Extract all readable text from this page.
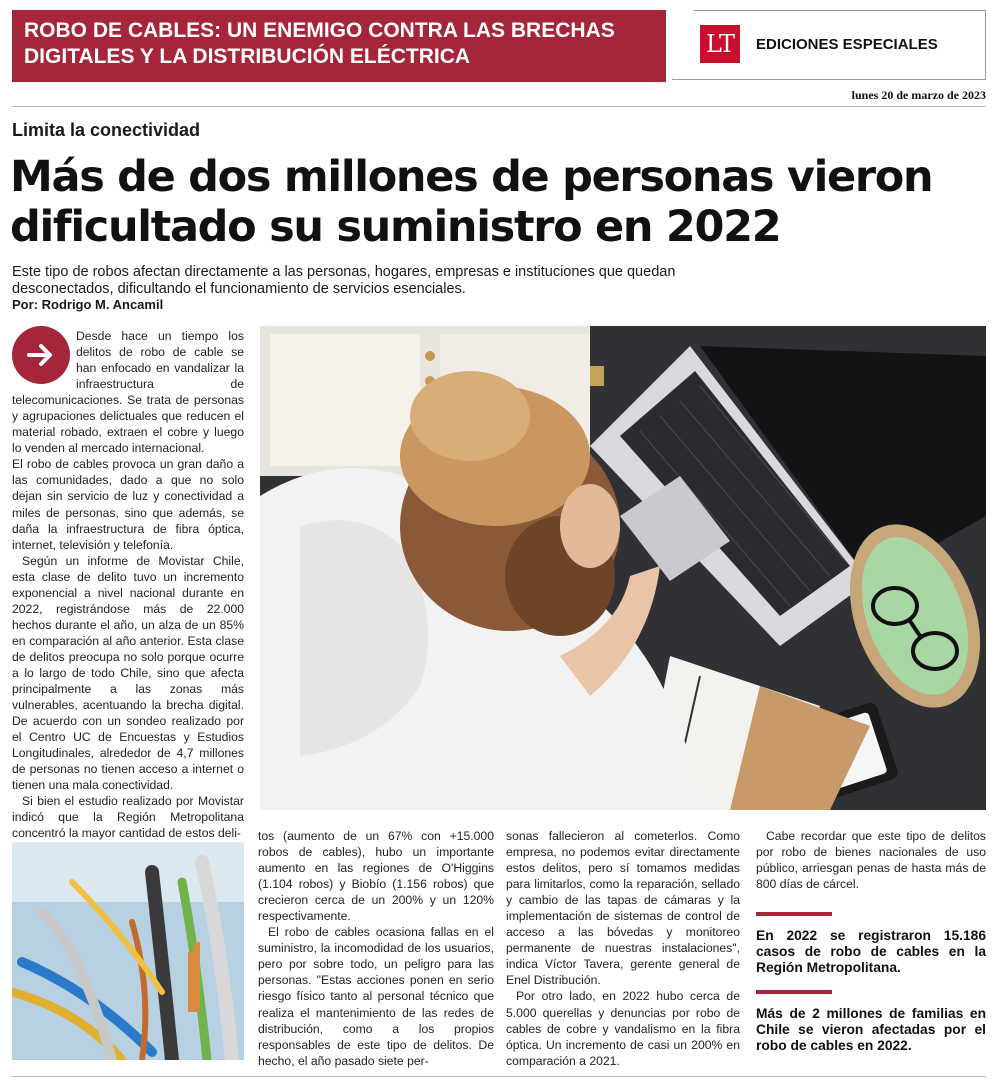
ROBO DE CABLES: UN ENEMIGO CONTRA LAS BRECHAS
DIGITALES Y LA DISTRIBUCIÓN ELÉCTRICA	LT	EDICIONES ESPECIALES
lunes 20 de marzo de 2023
Limita la conectividad
Más de dos millones de personas vieron
dificultado su suministro en 2022
Este tipo de robos afectan directamente a las personas, hogares, empresas e instituciones que quedan desconectados, dificultando el funcionamiento de servicios esenciales.
Por: Rodrigo M. Ancamil

Desde hace un tiempo los delitos de robo de cable se han enfocado en vandalizar la infraestructura de telecomunicaciones. Se trata de personas y agrupaciones delictuales que reducen el material robado, extraen el cobre y luego lo venden al mercado internacional.

El robo de cables provoca un gran daño a las comunidades, dado a que no solo dejan sin servicio de luz y conectividad a miles de personas, sino que además, se daña la infraestructura de fibra óptica, internet, televisión y telefonía.

Según un informe de Movistar Chile, esta clase de delito tuvo un incremento exponencial a nivel nacional durante en 2022, registrándose más de 22.000 hechos durante el año, un alza de un 85% en comparación al año anterior. Esta clase de delitos preocupa no solo porque ocurre a lo largo de todo Chile, sino que afecta principalmente a las zonas más vulnerables, acentuando la brecha digital. De acuerdo con un sondeo realizado por el Centro UC de Encuestas y Estudios Longitudinales, alrededor de 4,7 millones de personas no tienen acceso a internet o tienen una mala conectividad.

Si bien el estudio realizado por Movistar indicó que la Región Metropolitana concentró la mayor cantidad de estos deli- tos (aumento de un 67% con +15.000 robos de cables), hubo un importante aumento en las regiones de O'Higgins (1.104 robos) y Biobío (1.156 robos) que crecieron cerca de un 200% y un 120% respectivamente.

El robo de cables ocasiona fallas en el suministro, la incomodidad de los usuarios, pero por sobre todo, un peligro para las personas. "Estas acciones ponen en serio riesgo físico tanto al personal técnico que realiza el mantenimiento de las redes de distribución, como a los propios responsables de este tipo de delitos. De hecho, el año pasado siete per-

sonas fallecieron al cometerlos. Como empresa, no podemos evitar directamente estos delitos, pero sí tomamos medidas para limitarlos, como la reparación, sellado y cambio de las tapas de cámaras y la implementación de sistemas de control de acceso a las bóvedas y monitoreo permanente de nuestras instalaciones", indica Víctor Tavera, gerente general de Enel Distribución.

Por otro lado, en 2022 hubo cerca de 5.000 querellas y denuncias por robo de cables de cobre y vandalismo en la fibra óptica. Un incremento de casi un 200% en comparación a 2021.

Cabe recordar que este tipo de delitos por robo de bienes nacionales de uso público, arriesgan penas de hasta más de 800 días de cárcel.

En 2022 se registraron 15.186 casos de robo de cables en la Región Metropolitana.
Más de 2 millones de familias en Chile se vieron afectadas por el robo de cables en 2022.
